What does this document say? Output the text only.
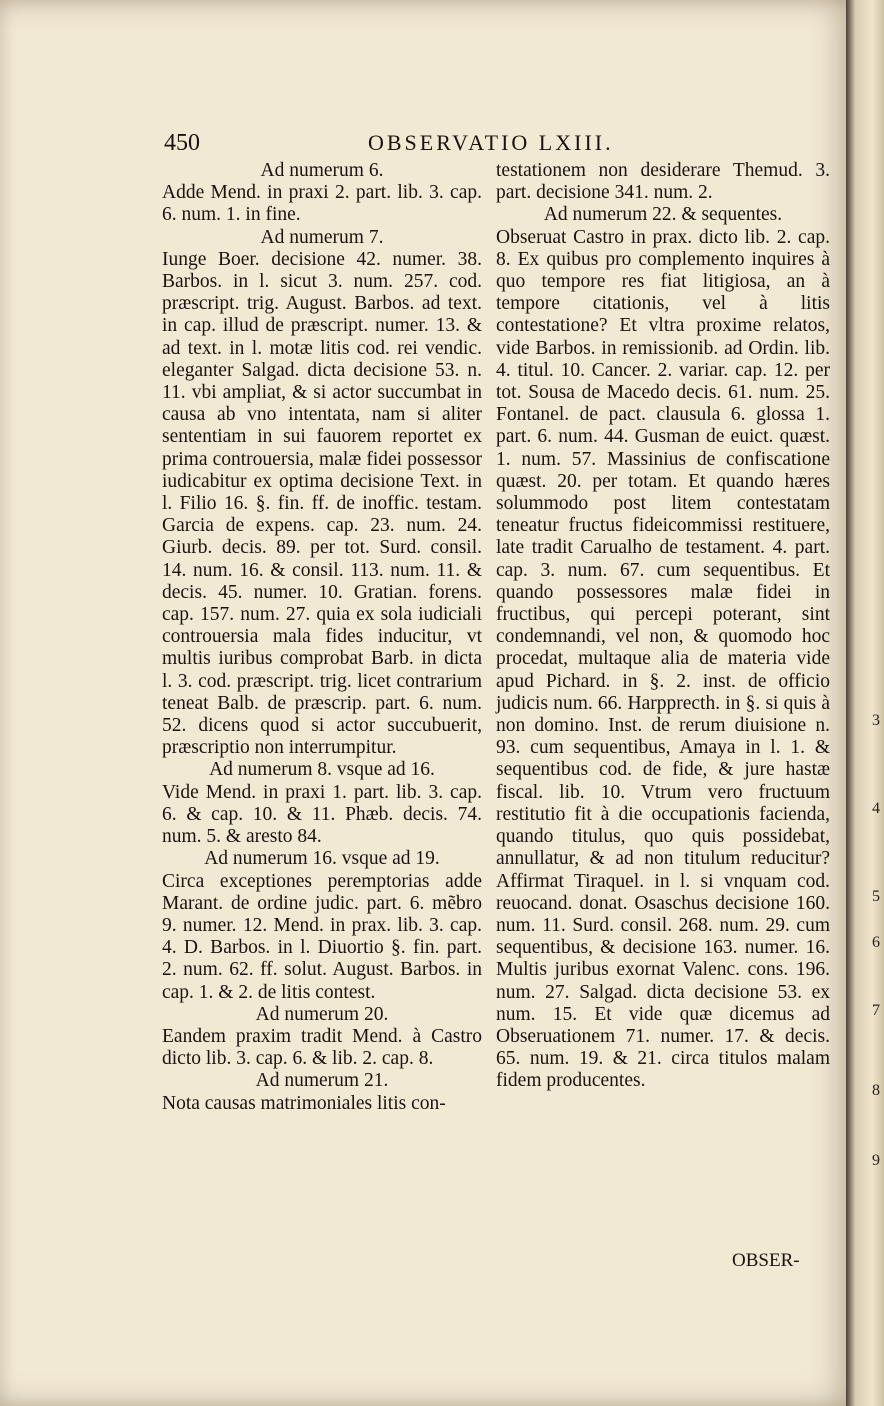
450	OBSERVATIO LXIII.

Ad numerum 6.

Adde Mend. in praxi 2. part. lib. 3. cap. 6. num. 1. in fine.

Ad numerum 7.

Iunge Boer. decisione 42. numer. 38. Barbos. in l. sicut 3. num. 257. cod. præscript. trig. August. Barbos. ad text. in cap. illud de præscript. numer. 13. & ad text. in l. motæ litis cod. rei vendic. eleganter Salgad. dicta decisione 53. n. 11. vbi ampliat, & si actor succumbat in causa ab vno intentata, nam si aliter sententiam in sui fauorem reportet ex prima controuersia, malæ fidei possessor iudicabitur ex optima decisione Text. in l. Filio 16. §. fin. ff. de inoffic. testam. Garcia de expens. cap. 23. num. 24. Giurb. decis. 89. per tot. Surd. consil. 14. num. 16. & consil. 113. num. 11. & decis. 45. numer. 10. Gratian. forens. cap. 157. num. 27. quia ex sola iudiciali controuersia mala fides inducitur, vt multis iuribus comprobat Barb. in dicta l. 3. cod. præscript. trig. licet contrarium teneat Balb. de præscrip. part. 6. num. 52. dicens quod si actor succubuerit, præscriptio non interrumpitur.

Ad numerum 8. vsque ad 16.

Vide Mend. in praxi 1. part. lib. 3. cap. 6. & cap. 10. & 11. Phæb. decis. 74. num. 5. & aresto 84.

Ad numerum 16. vsque ad 19.

Circa exceptiones peremptorias adde Marant. de ordine judic. part. 6. mẽbro 9. numer. 12. Mend. in prax. lib. 3. cap. 4. D. Barbos. in l. Diuortio §. fin. part. 2. num. 62. ff. solut. August. Barbos. in cap. 1. & 2. de litis contest.

Ad numerum 20.

Eandem praxim tradit Mend. à Castro dicto lib. 3. cap. 6. & lib. 2. cap. 8.

Ad numerum 21.

Nota causas matrimoniales litis con-

testationem non desiderare Themud. 3. part. decisione 341. num. 2.

Ad numerum 22. & sequentes.

Obseruat Castro in prax. dicto lib. 2. cap. 8. Ex quibus pro complemento inquires à quo tempore res fiat litigiosa, an à tempore citationis, vel à litis contestatione? Et vltra proxime relatos, vide Barbos. in remissionib. ad Ordin. lib. 4. titul. 10. Cancer. 2. variar. cap. 12. per tot. Sousa de Macedo decis. 61. num. 25. Fontanel. de pact. clausula 6. glossa 1. part. 6. num. 44. Gusman de euict. quæst. 1. num. 57. Massinius de confiscatione quæst. 20. per totam. Et quando hæres solummodo post litem contestatam teneatur fructus fideicommissi restituere, late tradit Carualho de testament. 4. part. cap. 3. num. 67. cum sequentibus. Et quando possessores malæ fidei in fructibus, qui percepi poterant, sint condemnandi, vel non, & quomodo hoc procedat, multaque alia de materia vide apud Pichard. in §. 2. inst. de officio judicis num. 66. Harpprecth. in §. si quis à non domino. Inst. de rerum diuisione n. 93. cum sequentibus, Amaya in l. 1. & sequentibus cod. de fide, & jure hastæ fiscal. lib. 10. Vtrum vero fructuum restitutio fit à die occupationis facienda, quando titulus, quo quis possidebat, annullatur, & ad non titulum reducitur? Affirmat Tiraquel. in l. si vnquam cod. reuocand. donat. Osaschus decisione 160. num. 11. Surd. consil. 268. num. 29. cum sequentibus, & decisione 163. numer. 16. Multis juribus exornat Valenc. cons. 196. num. 27. Salgad. dicta decisione 53. ex num. 15. Et vide quæ dicemus ad Obseruationem 71. numer. 17. & decis. 65. num. 19. & 21. circa titulos malam fidem producentes.

OBSER-
3
4
5
6
7
8
9
